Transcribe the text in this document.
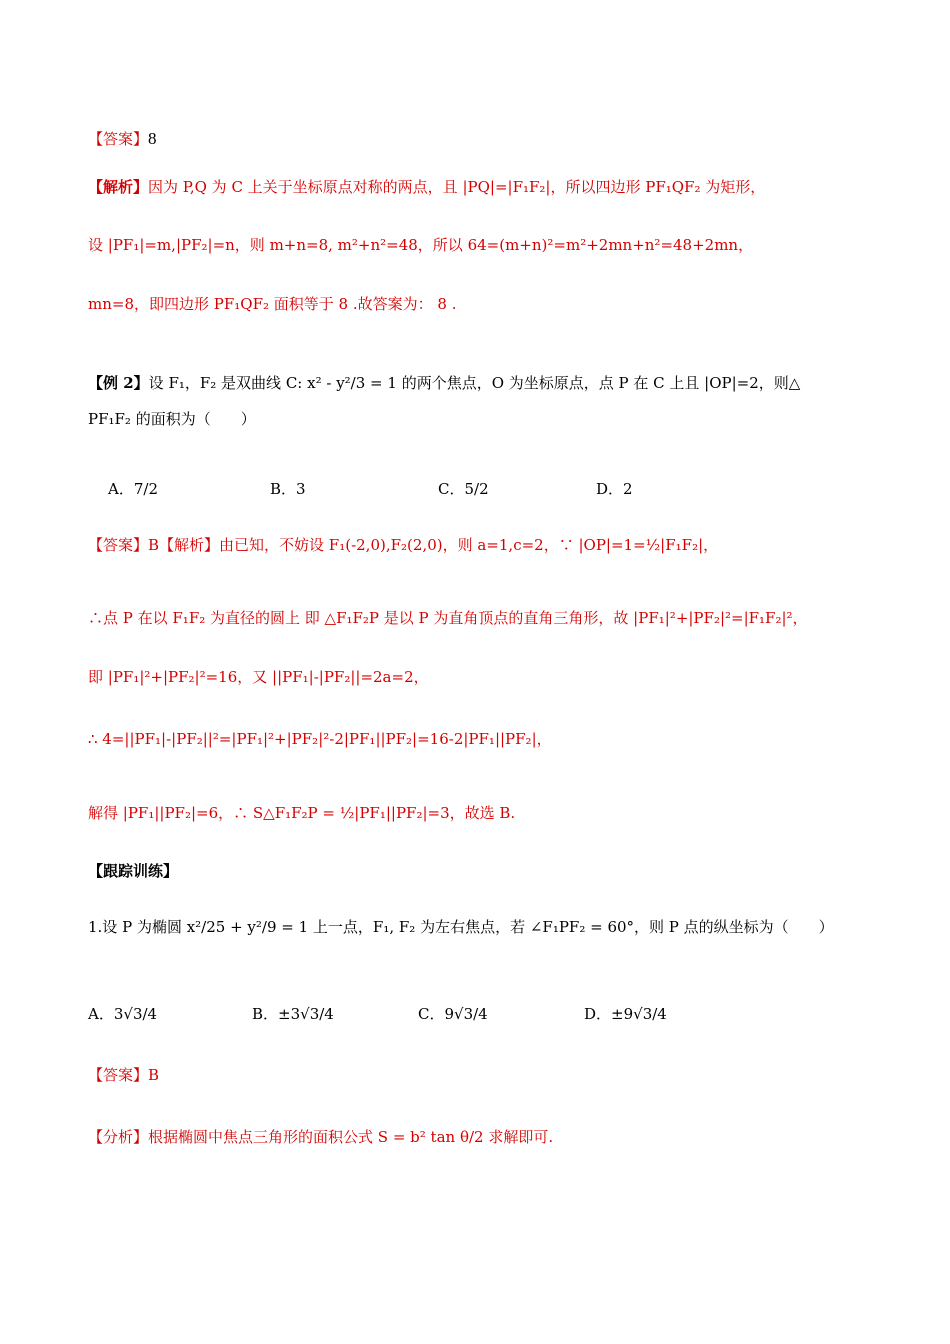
【答案】8
【解析】因为 P,Q 为 C 上关于坐标原点对称的两点，且 |PQ|=|F₁F₂|，所以四边形 PF₁QF₂ 为矩形，
设 |PF₁|=m,|PF₂|=n，则 m+n=8, m²+n²=48，所以 64=(m+n)²=m²+2mn+n²=48+2mn，
mn=8，即四边形 PF₁QF₂ 面积等于 8 .故答案为： 8 .
【例 2】设 F₁，F₂ 是双曲线 C: x² - y²/3 = 1 的两个焦点，O 为坐标原点，点 P 在 C 上且 |OP|=2，则△
PF₁F₂ 的面积为（　　）
A．7/2	B．3	C．5/2	D．2
【答案】B【解析】由已知，不妨设 F₁(-2,0),F₂(2,0)，则 a=1,c=2，∵ |OP|=1=½|F₁F₂|，
∴点 P 在以 F₁F₂ 为直径的圆上 即 △F₁F₂P 是以 P 为直角顶点的直角三角形，故 |PF₁|²+|PF₂|²=|F₁F₂|²，
即 |PF₁|²+|PF₂|²=16，又 ||PF₁|-|PF₂||=2a=2，
∴ 4=||PF₁|-|PF₂||²=|PF₁|²+|PF₂|²-2|PF₁||PF₂|=16-2|PF₁||PF₂|，
解得 |PF₁||PF₂|=6，∴ S△F₁F₂P = ½|PF₁||PF₂|=3，故选 B.
【跟踪训练】
1.设 P 为椭圆 x²/25 + y²/9 = 1 上一点，F₁, F₂ 为左右焦点，若 ∠F₁PF₂ = 60°，则 P 点的纵坐标为（　　）
A．3√3/4	B．±3√3/4	C．9√3/4	D．±9√3/4
【答案】B
【分析】根据椭圆中焦点三角形的面积公式 S = b² tan θ/2 求解即可.
